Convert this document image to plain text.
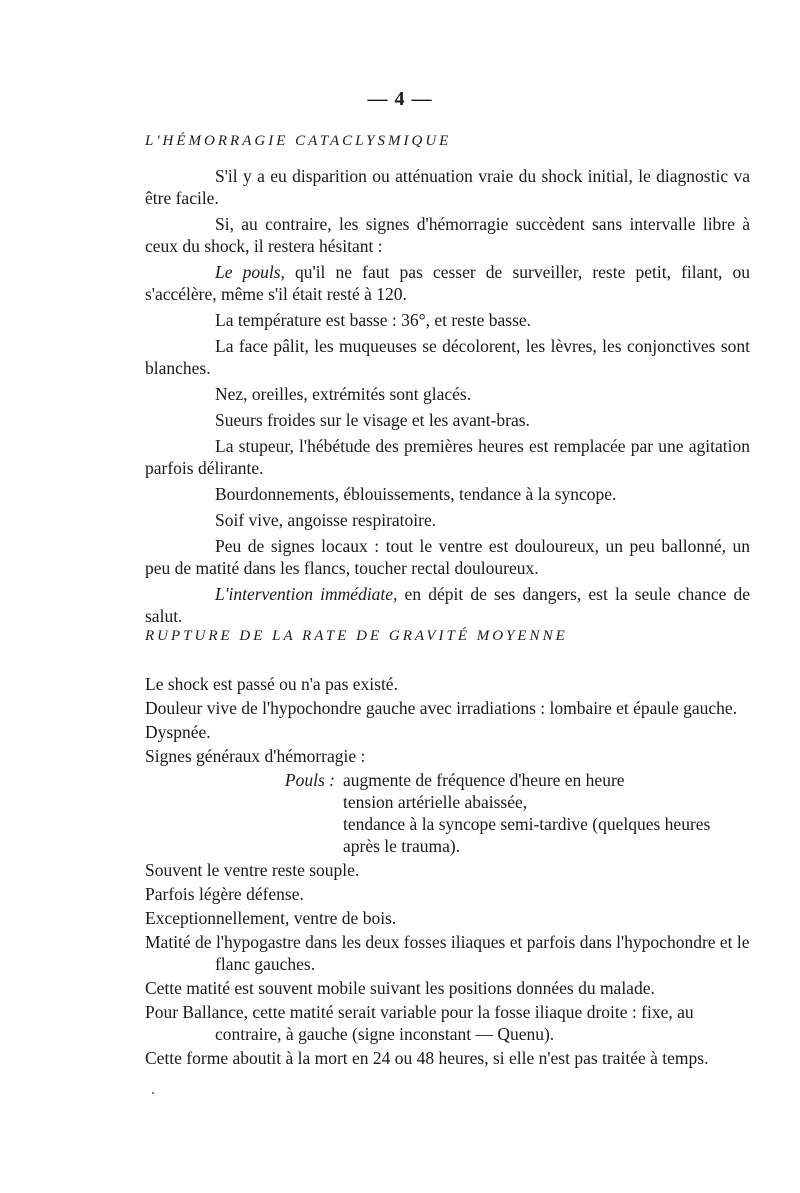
— 4 —
L'HÉMORRAGIE CATACLYSMIQUE

S'il y a eu disparition ou atténuation vraie du shock initial, le diagnostic va être facile.

Si, au contraire, les signes d'hémorragie succèdent sans intervalle libre à ceux du shock, il restera hésitant :

Le pouls, qu'il ne faut pas cesser de surveiller, reste petit, filant, ou s'accélère, même s'il était resté à 120.

La température est basse : 36°, et reste basse.

La face pâlit, les muqueuses se décolorent, les lèvres, les conjonctives sont blanches.

Nez, oreilles, extrémités sont glacés.

Sueurs froides sur le visage et les avant-bras.

La stupeur, l'hébétude des premières heures est remplacée par une agitation parfois délirante.

Bourdonnements, éblouissements, tendance à la syncope.

Soif vive, angoisse respiratoire.

Peu de signes locaux : tout le ventre est douloureux, un peu ballonné, un peu de matité dans les flancs, toucher rectal douloureux.

L'intervention immédiate, en dépit de ses dangers, est la seule chance de salut.

RUPTURE DE LA RATE DE GRAVITÉ MOYENNE
Le shock est passé ou n'a pas existé.
Douleur vive de l'hypochondre gauche avec irradiations : lombaire et épaule gauche.
Dyspnée.
Signes généraux d'hémorragie :
Pouls : augmente de fréquence d'heure en heure
tension artérielle abaissée,
tendance à la syncope semi-tardive (quelques heures après le trauma).
Souvent le ventre reste souple.
Parfois légère défense.
Exceptionnellement, ventre de bois.
Matité de l'hypogastre dans les deux fosses iliaques et parfois dans l'hypochondre et le flanc gauches.
Cette matité est souvent mobile suivant les positions données du malade.
Pour Ballance, cette matité serait variable pour la fosse iliaque droite : fixe, au contraire, à gauche (signe inconstant — Quenu).
Cette forme aboutit à la mort en 24 ou 48 heures, si elle n'est pas traitée à temps.
